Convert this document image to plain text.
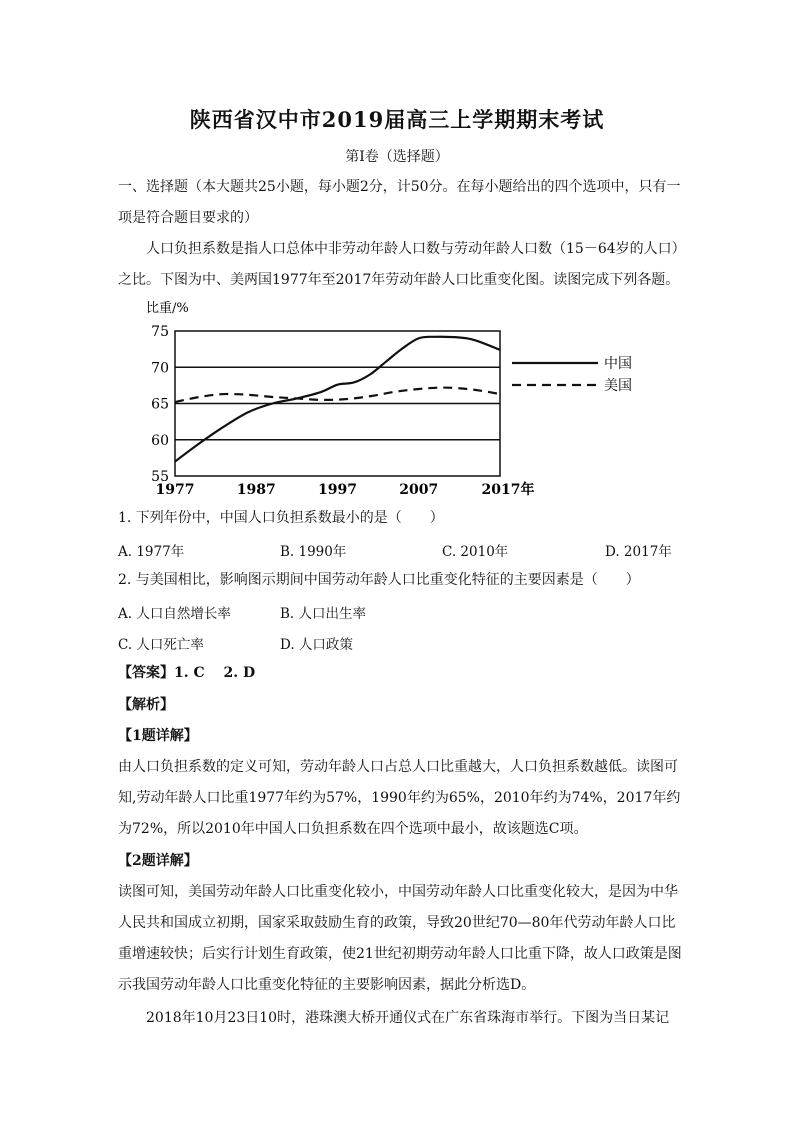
陕西省汉中市2019届高三上学期期末考试
第Ⅰ卷（选择题）

一、选择题（本大题共25小题，每小题2分，计50分。在每小题给出的四个选项中，只有一项是符合题目要求的）

人口负担系数是指人口总体中非劳动年龄人口数与劳动年龄人口数（15－64岁的人口）之比。下图为中、美两国1977年至2017年劳动年龄人口比重变化图。读图完成下列各题。

比重/%
55
60
65
70
75
1977	1987	1997	2007	2017年
中国
美国

1. 下列年份中，中国人口负担系数最小的是（　　）

A. 1977年	B. 1990年	C. 2010年	D. 2017年

2. 与美国相比，影响图示期间中国劳动年龄人口比重变化特征的主要因素是（　　）

A. 人口自然增长率	B. 人口出生率
C. 人口死亡率	D. 人口政策

【答案】1. C　 2. D

【解析】

【1题详解】

由人口负担系数的定义可知，劳动年龄人口占总人口比重越大，人口负担系数越低。读图可知,劳动年龄人口比重1977年约为57%，1990年约为65%，2010年约为74%，2017年约为72%，所以2010年中国人口负担系数在四个选项中最小，故该题选C项。

【2题详解】

读图可知，美国劳动年龄人口比重变化较小，中国劳动年龄人口比重变化较大，是因为中华人民共和国成立初期，国家采取鼓励生育的政策，导致20世纪70—80年代劳动年龄人口比重增速较快；后实行计划生育政策，使21世纪初期劳动年龄人口比重下降，故人口政策是图示我国劳动年龄人口比重变化特征的主要影响因素，据此分析选D。

2018年10月23日10时，港珠澳大桥开通仪式在广东省珠海市举行。下图为当日某记
